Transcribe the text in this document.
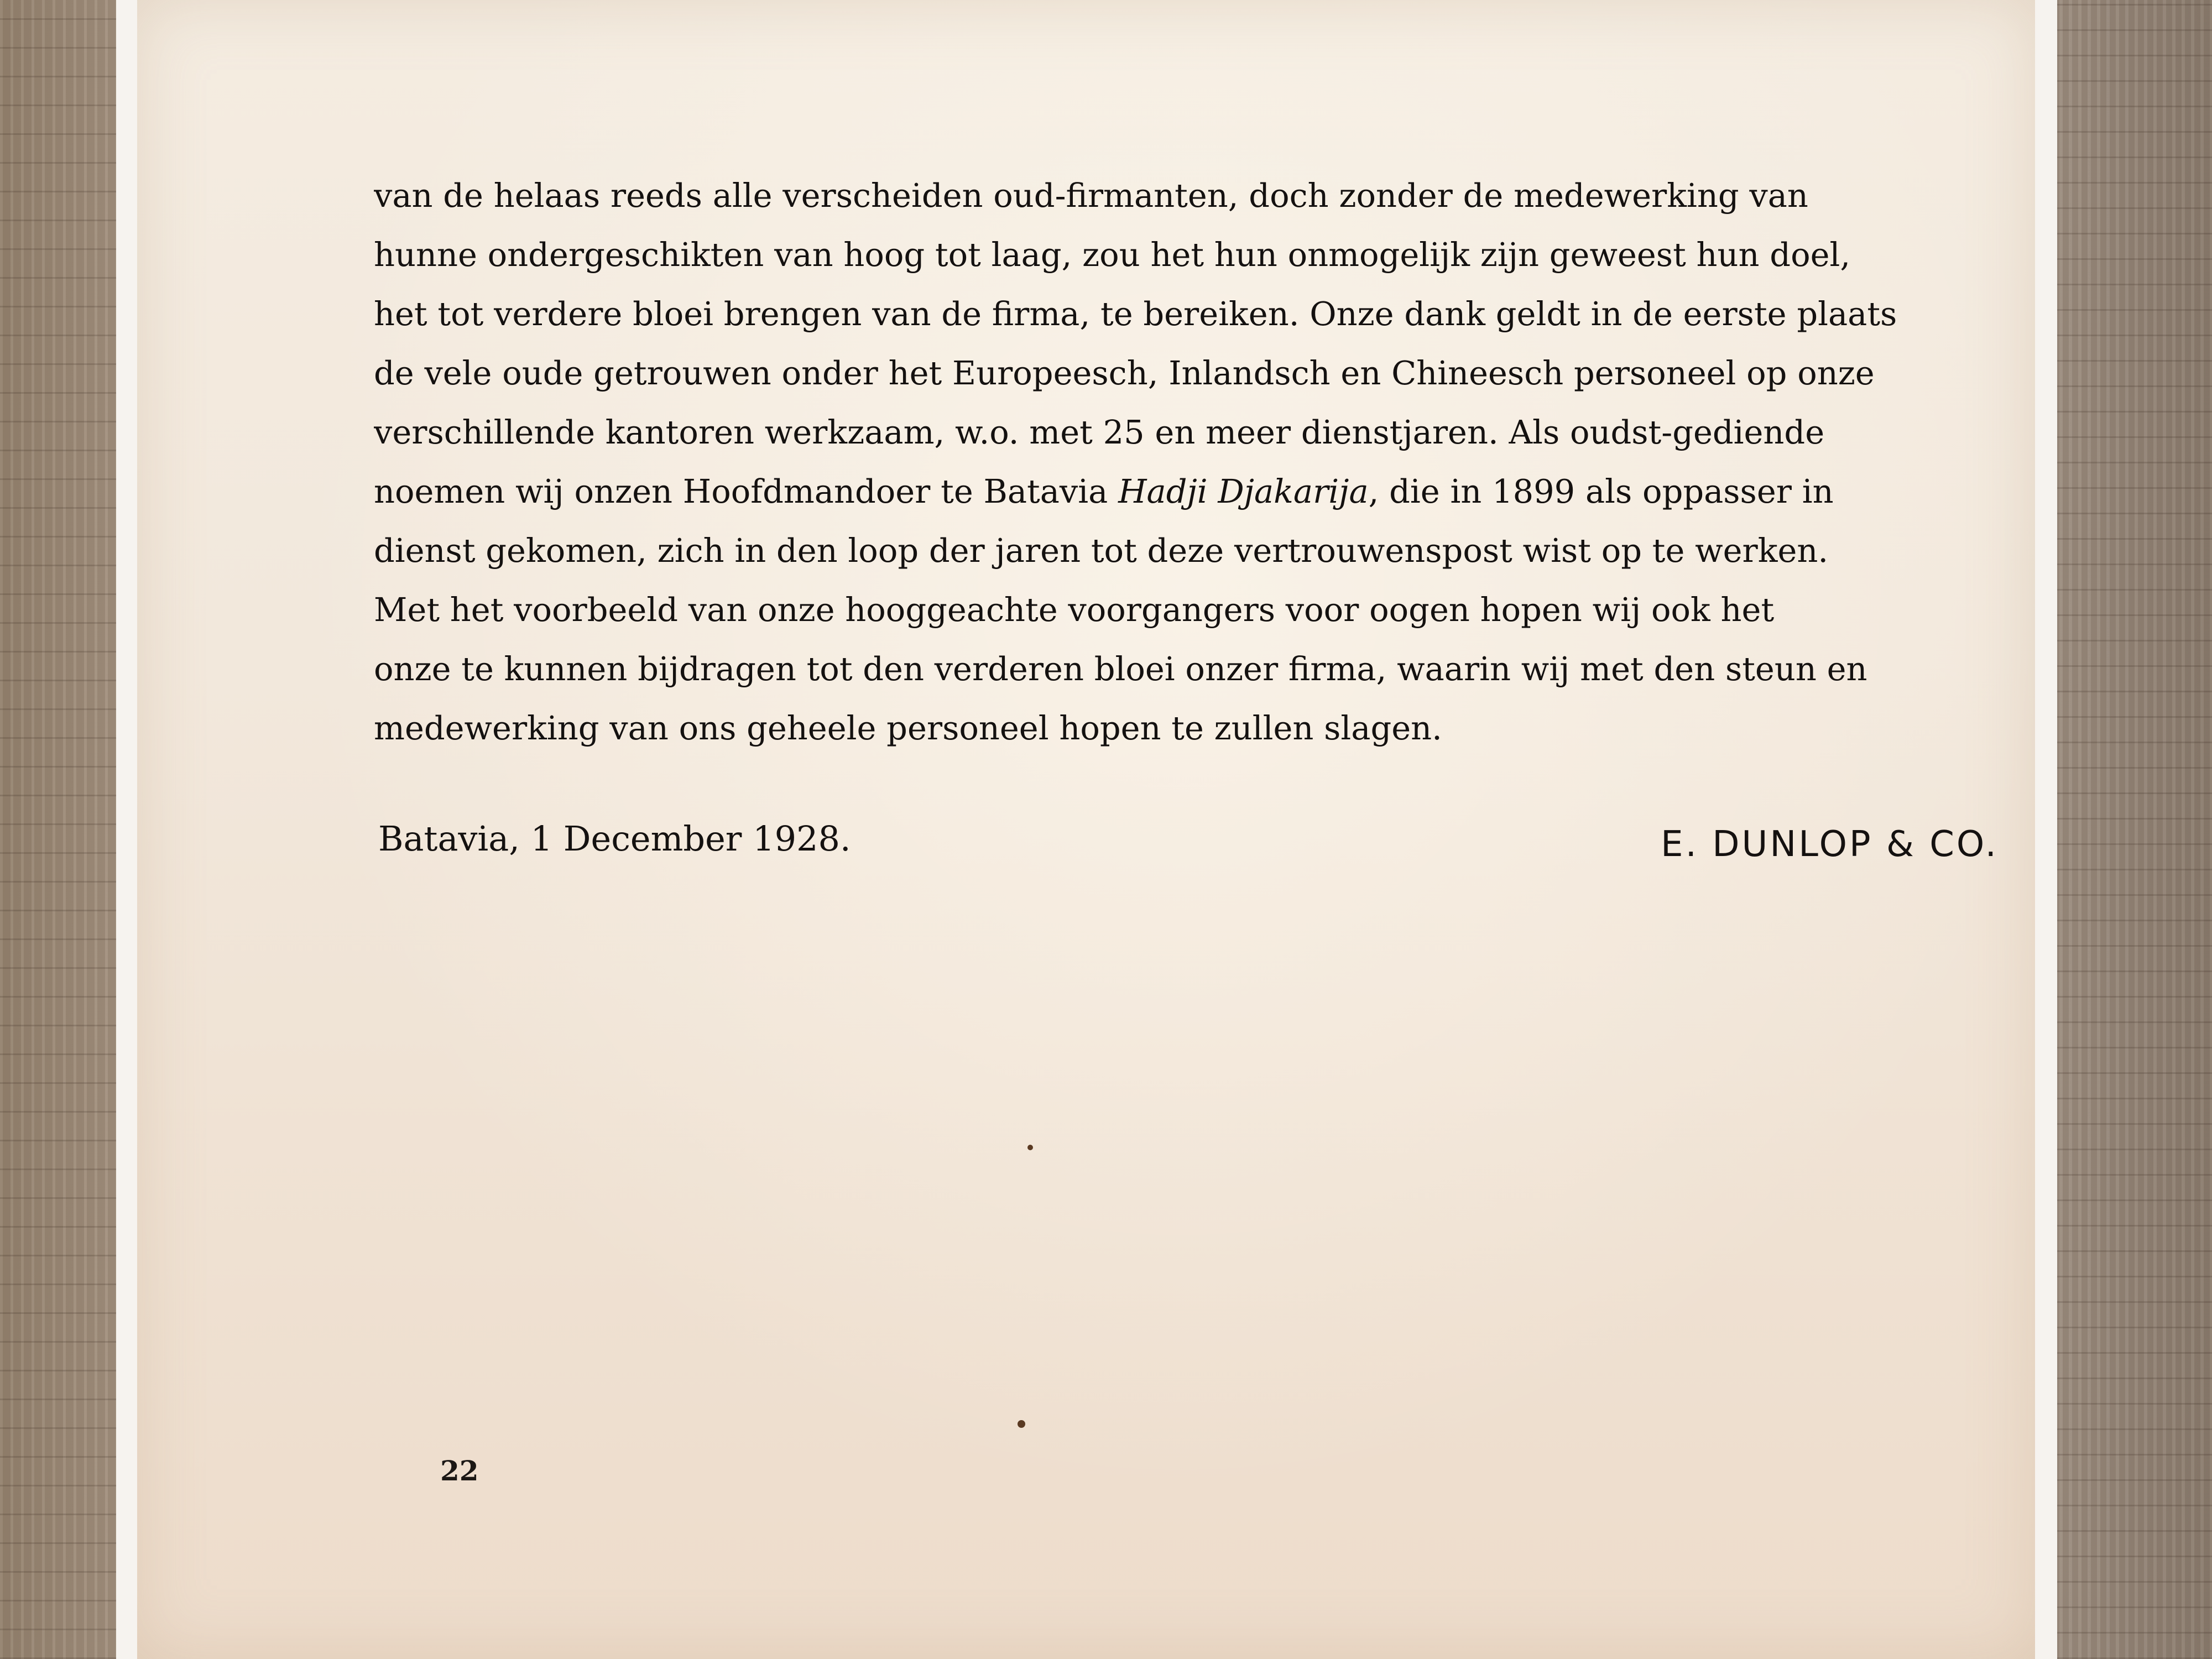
van de helaas reeds alle verscheiden oud-firmanten, doch zonder de medewerking van
hunne ondergeschikten van hoog tot laag, zou het hun onmogelijk zijn geweest hun doel,
het tot verdere bloei brengen van de firma, te bereiken. Onze dank geldt in de eerste plaats
de vele oude getrouwen onder het Europeesch, Inlandsch en Chineesch personeel op onze
verschillende kantoren werkzaam, w.o. met 25 en meer dienstjaren. Als oudst-gediende
noemen wij onzen Hoofdmandoer te Batavia Hadji Djakarija, die in 1899 als oppasser in
dienst gekomen, zich in den loop der jaren tot deze vertrouwenspost wist op te werken.
Met het voorbeeld van onze hooggeachte voorgangers voor oogen hopen wij ook het
onze te kunnen bijdragen tot den verderen bloei onzer firma, waarin wij met den steun en
medewerking van ons geheele personeel hopen te zullen slagen.
Batavia, 1 December 1928.	E. DUNLOP & CO.
22
